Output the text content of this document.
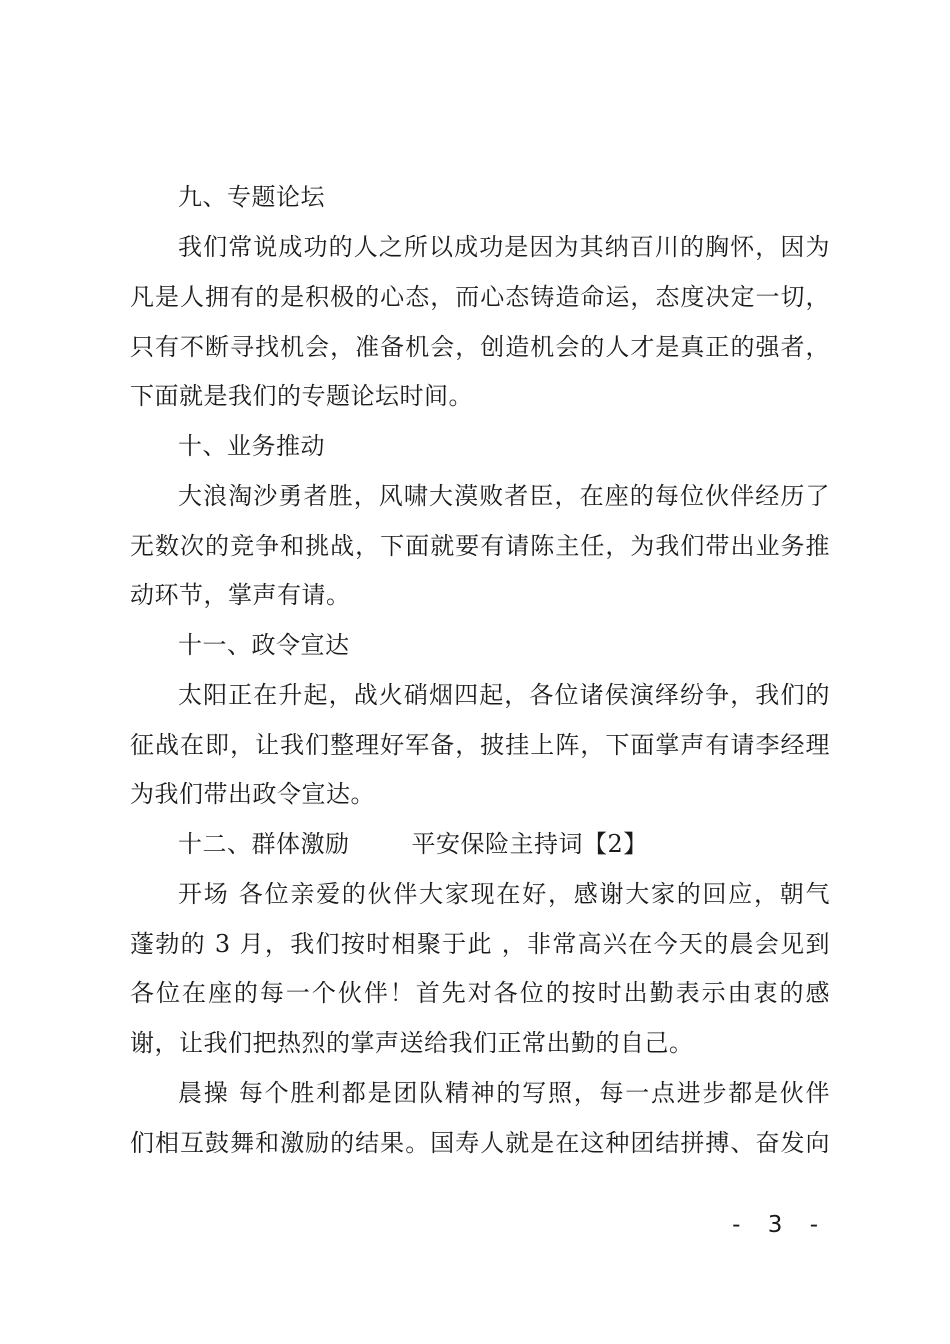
九、专题论坛
我们常说成功的人之所以成功是因为其纳百川的胸怀，因为
凡是人拥有的是积极的心态，而心态铸造命运，态度决定一切，
只有不断寻找机会，准备机会，创造机会的人才是真正的强者，
下面就是我们的专题论坛时间。
十、业务推动
大浪淘沙勇者胜，风啸大漠败者臣，在座的每位伙伴经历了
无数次的竞争和挑战，下面就要有请陈主任，为我们带出业务推
动环节，掌声有请。
十一、政令宣达
太阳正在升起，战火硝烟四起，各位诸侯演绎纷争，我们的
征战在即，让我们整理好军备，披挂上阵，下面掌声有请李经理
为我们带出政令宣达。
十二、群体激励	平安保险主持词【2】
开场 各位亲爱的伙伴大家现在好，感谢大家的回应，朝气
蓬勃的 3 月，我们按时相聚于此 ，非常高兴在今天的晨会见到
各位在座的每一个伙伴！首先对各位的按时出勤表示由衷的感
谢，让我们把热烈的掌声送给我们正常出勤的自己。
晨操 每个胜利都是团队精神的写照，每一点进步都是伙伴
们相互鼓舞和激励的结果。国寿人就是在这种团结拼搏、奋发向
- 3 -
